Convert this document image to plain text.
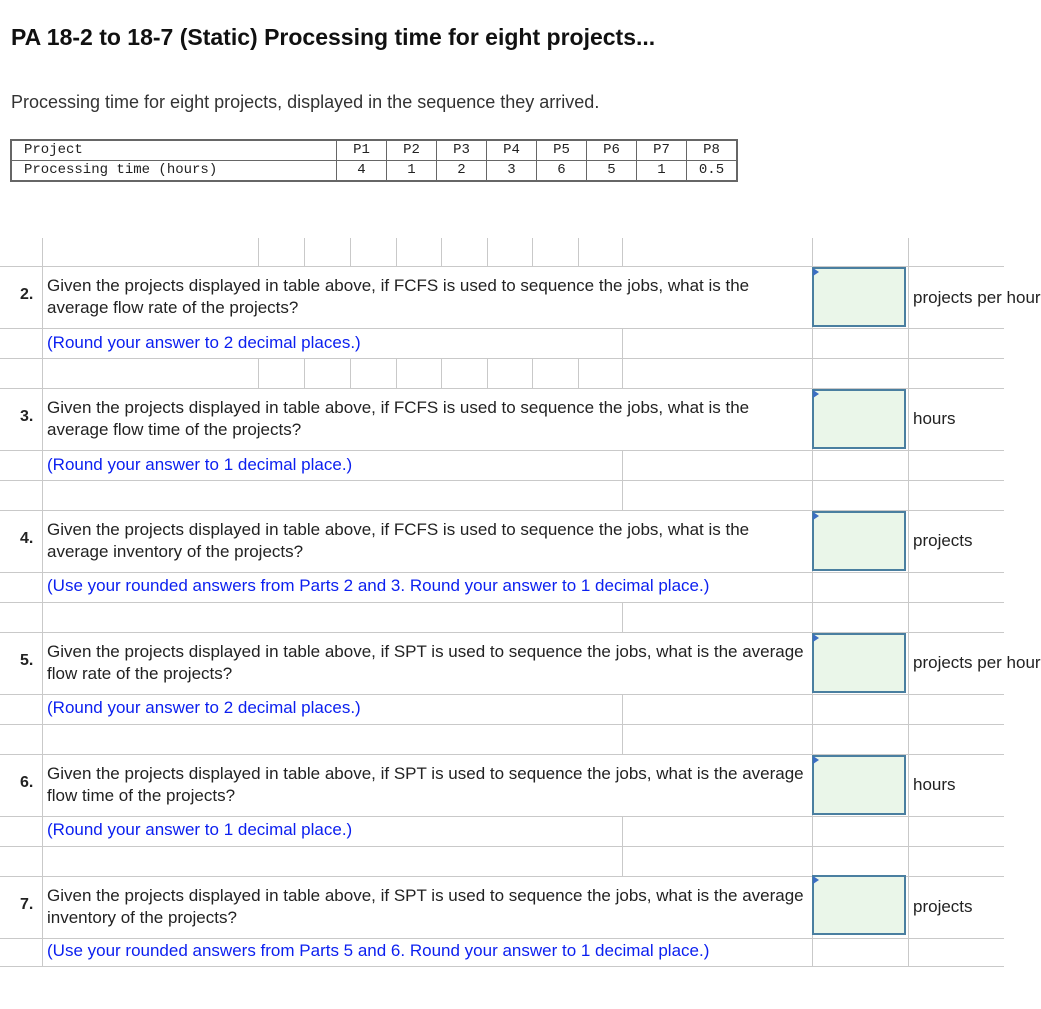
PA 18-2 to 18-7 (Static) Processing time for eight projects...
Processing time for eight projects, displayed in the sequence they arrived.
Project	P1	P2	P3	P4	P5	P6	P7	P8
Processing time (hours)	4	1	2	3	6	5	1	0.5
2. Given the projects displayed in table above, if FCFS is used to sequence the jobs, what is the average flow rate of the projects?
(Round your answer to 2 decimal places.)
projects per hour
3. Given the projects displayed in table above, if FCFS is used to sequence the jobs, what is the average flow time of the projects?
(Round your answer to 1 decimal place.)
hours
4. Given the projects displayed in table above, if FCFS is used to sequence the jobs, what is the average inventory of the projects?
(Use your rounded answers from Parts 2 and 3. Round your answer to 1 decimal place.)
projects
5. Given the projects displayed in table above, if SPT is used to sequence the jobs, what is the average flow rate of the projects?
(Round your answer to 2 decimal places.)
projects per hour
6. Given the projects displayed in table above, if SPT is used to sequence the jobs, what is the average flow time of the projects?
(Round your answer to 1 decimal place.)
hours
7. Given the projects displayed in table above, if SPT is used to sequence the jobs, what is the average inventory of the projects?
(Use your rounded answers from Parts 5 and 6. Round your answer to 1 decimal place.)
projects
